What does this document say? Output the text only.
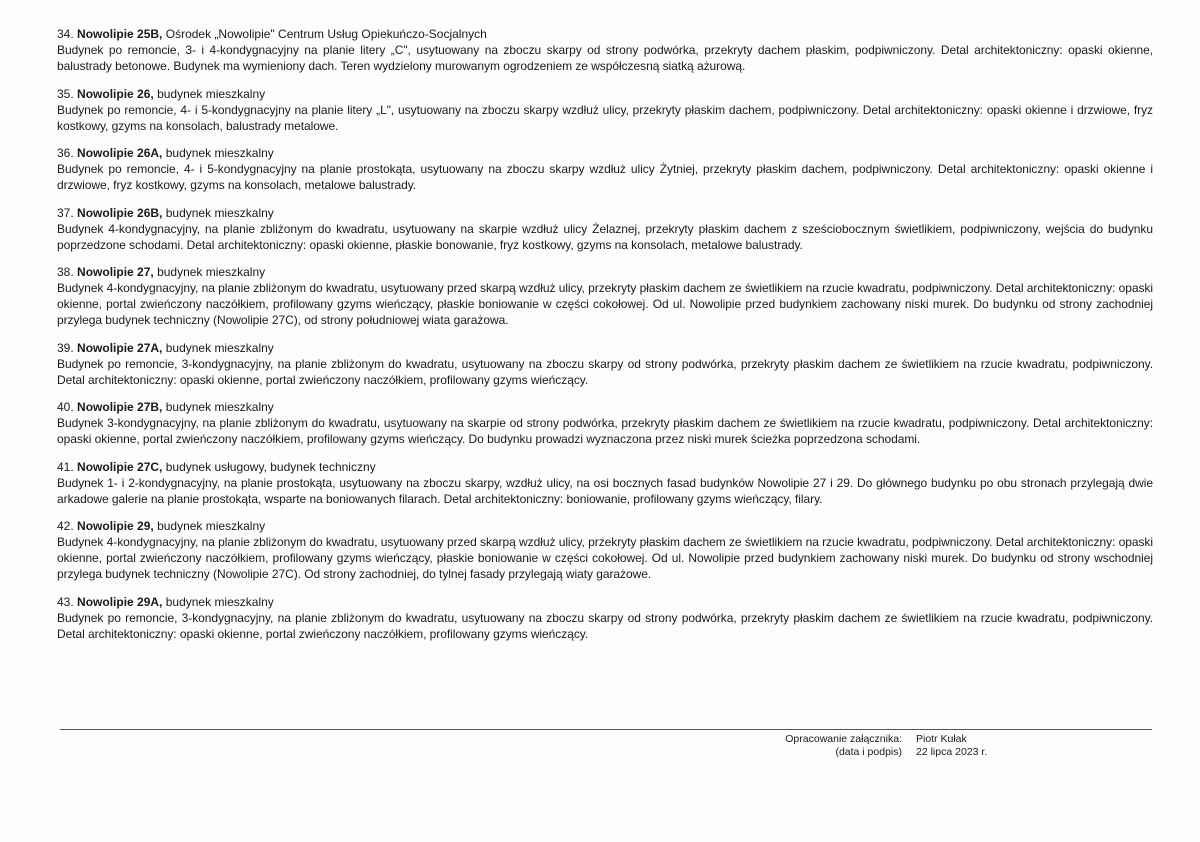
34. Nowolipie 25B, Ośrodek „Nowolipie" Centrum Usług Opiekuńczo-Socjalnych
Budynek po remoncie, 3- i 4-kondygnacyjny na planie litery „C", usytuowany na zboczu skarpy od strony podwórka, przekryty dachem płaskim, podpiwniczony. Detal architektoniczny: opaski okienne, balustrady betonowe. Budynek ma wymieniony dach. Teren wydzielony murowanym ogrodzeniem ze współczesną siatką ażurową.
35. Nowolipie 26, budynek mieszkalny
Budynek po remoncie, 4- i 5-kondygnacyjny na planie litery „L", usytuowany na zboczu skarpy wzdłuż ulicy, przekryty płaskim dachem, podpiwniczony. Detal architektoniczny: opaski okienne i drzwiowe, fryz kostkowy, gzyms na konsolach, balustrady metalowe.
36. Nowolipie 26A, budynek mieszkalny
Budynek po remoncie, 4- i 5-kondygnacyjny na planie prostokąta, usytuowany na zboczu skarpy wzdłuż ulicy Żytniej, przekryty płaskim dachem, podpiwniczony. Detal architektoniczny: opaski okienne i drzwiowe, fryz kostkowy, gzyms na konsolach, metalowe balustrady.
37. Nowolipie 26B, budynek mieszkalny
Budynek 4-kondygnacyjny, na planie zbliżonym do kwadratu, usytuowany na skarpie wzdłuż ulicy Żelaznej, przekryty płaskim dachem z sześciobocznym świetlikiem, podpiwniczony, wejścia do budynku poprzedzone schodami. Detal architektoniczny: opaski okienne, płaskie bonowanie, fryz kostkowy, gzyms na konsolach, metalowe balustrady.
38. Nowolipie 27, budynek mieszkalny
Budynek 4-kondygnacyjny, na planie zbliżonym do kwadratu, usytuowany przed skarpą wzdłuż ulicy, przekryty płaskim dachem ze świetlikiem na rzucie kwadratu, podpiwniczony. Detal architektoniczny: opaski okienne, portal zwieńczony naczółkiem, profilowany gzyms wieńczący, płaskie boniowanie w części cokołowej. Od ul. Nowolipie przed budynkiem zachowany niski murek. Do budynku od strony zachodniej przylega budynek techniczny (Nowolipie 27C), od strony południowej wiata garażowa.
39. Nowolipie 27A, budynek mieszkalny
Budynek po remoncie, 3-kondygnacyjny, na planie zbliżonym do kwadratu, usytuowany na zboczu skarpy od strony podwórka, przekryty płaskim dachem ze świetlikiem na rzucie kwadratu, podpiwniczony. Detal architektoniczny: opaski okienne, portal zwieńczony naczółkiem, profilowany gzyms wieńczący.
40. Nowolipie 27B, budynek mieszkalny
Budynek 3-kondygnacyjny, na planie zbliżonym do kwadratu, usytuowany na skarpie od strony podwórka, przekryty płaskim dachem ze świetlikiem na rzucie kwadratu, podpiwniczony. Detal architektoniczny: opaski okienne, portal zwieńczony naczółkiem, profilowany gzyms wieńczący. Do budynku prowadzi wyznaczona przez niski murek ścieżka poprzedzona schodami.
41. Nowolipie 27C, budynek usługowy, budynek techniczny
Budynek 1- i 2-kondygnacyjny, na planie prostokąta, usytuowany na zboczu skarpy, wzdłuż ulicy, na osi bocznych fasad budynków Nowolipie 27 i 29. Do głównego budynku po obu stronach przylegają dwie arkadowe galerie na planie prostokąta, wsparte na boniowanych filarach. Detal architektoniczny: boniowanie, profilowany gzyms wieńczący, filary.
42. Nowolipie 29, budynek mieszkalny
Budynek 4-kondygnacyjny, na planie zbliżonym do kwadratu, usytuowany przed skarpą wzdłuż ulicy, przekryty płaskim dachem ze świetlikiem na rzucie kwadratu, podpiwniczony. Detal architektoniczny: opaski okienne, portal zwieńczony naczółkiem, profilowany gzyms wieńczący, płaskie boniowanie w części cokołowej. Od ul. Nowolipie przed budynkiem zachowany niski murek. Do budynku od strony wschodniej przylega budynek techniczny (Nowolipie 27C). Od strony zachodniej, do tylnej fasady przylegają wiaty garażowe.
43. Nowolipie 29A, budynek mieszkalny
Budynek po remoncie, 3-kondygnacyjny, na planie zbliżonym do kwadratu, usytuowany na zboczu skarpy od strony podwórka, przekryty płaskim dachem ze świetlikiem na rzucie kwadratu, podpiwniczony. Detal architektoniczny: opaski okienne, portal zwieńczony naczółkiem, profilowany gzyms wieńczący.
Opracowanie załącznika:
(data i podpis)
Piotr Kułak
22 lipca 2023 r.
